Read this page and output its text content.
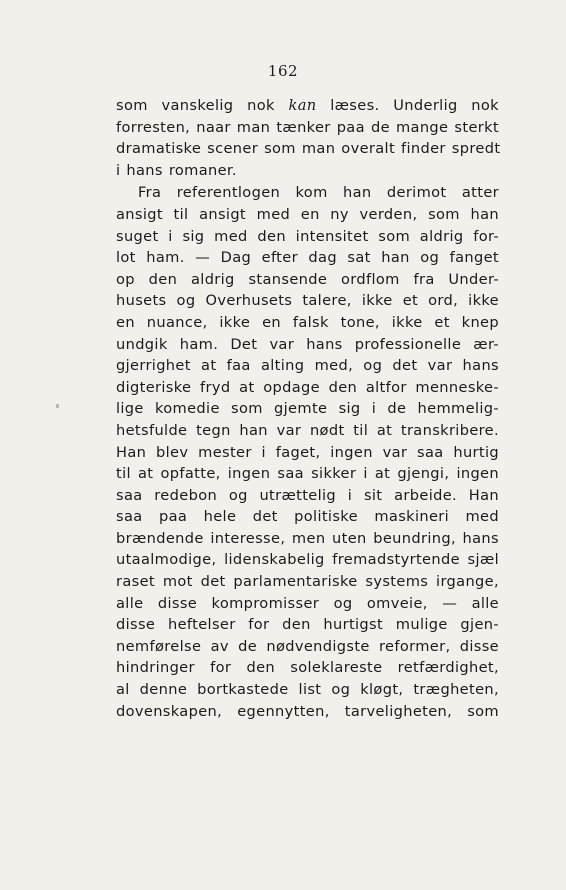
162
som vanskelig nok kan læses. Underlig nok
forresten, naar man tænker paa de mange sterkt
dramatiske scener som man overalt finder spredt
i hans romaner.
Fra referentlogen kom han derimot atter
ansigt til ansigt med en ny verden, som han
suget i sig med den intensitet som aldrig for-
lot ham. — Dag efter dag sat han og fanget
op den aldrig stansende ordflom fra Under-
husets og Overhusets talere, ikke et ord, ikke
en nuance, ikke en falsk tone, ikke et knep
undgik ham. Det var hans professionelle ær-
gjerrighet at faa alting med, og det var hans
digteriske fryd at opdage den altfor menneske-
lige komedie som gjemte sig i de hemmelig-
hetsfulde tegn han var nødt til at transkribere.
Han blev mester i faget, ingen var saa hurtig
til at opfatte, ingen saa sikker i at gjengi, ingen
saa redebon og utrættelig i sit arbeide. Han
saa paa hele det politiske maskineri med
brændende interesse, men uten beundring, hans
utaalmodige, lidenskabelig fremadstyrtende sjæl
raset mot det parlamentariske systems irgange,
alle disse kompromisser og omveie, — alle
disse heftelser for den hurtigst mulige gjen-
nemførelse av de nødvendigste reformer, disse
hindringer for den soleklareste retfærdighet,
al denne bortkastede list og kløgt, trægheten,
dovenskapen, egennytten, tarveligheten, som
